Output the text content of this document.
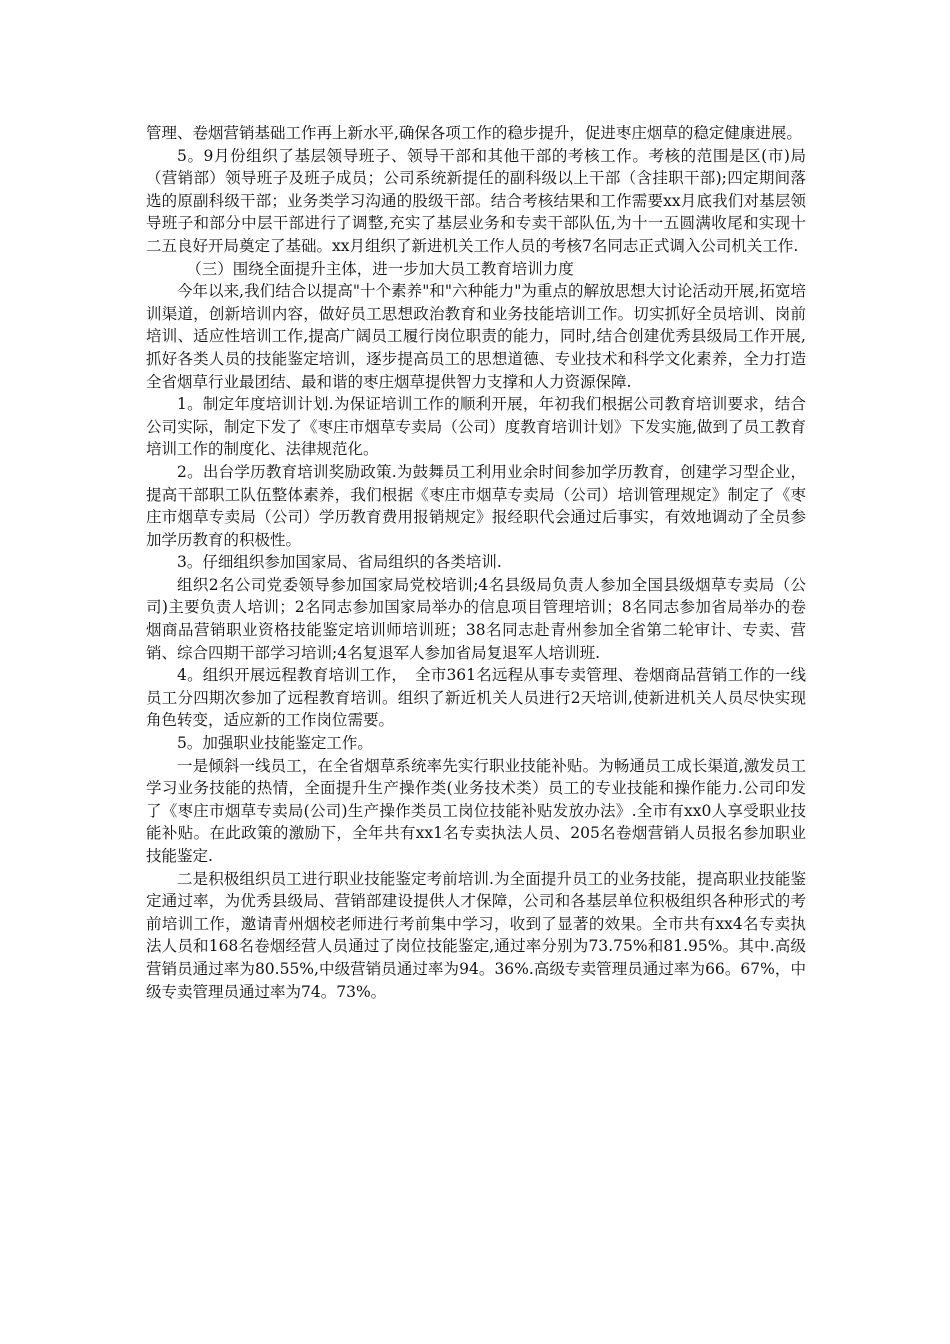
管理、卷烟营销基础工作再上新水平,确保各项工作的稳步提升，促进枣庄烟草的稳定健康进展。

5。9月份组织了基层领导班子、领导干部和其他干部的考核工作。考核的范围是区(市)局（营销部）领导班子及班子成员；公司系统新提任的副科级以上干部（含挂职干部);四定期间落选的原副科级干部；业务类学习沟通的股级干部。结合考核结果和工作需要xx月底我们对基层领导班子和部分中层干部进行了调整,充实了基层业务和专卖干部队伍,为十一五圆满收尾和实现十二五良好开局奠定了基础。xx月组织了新进机关工作人员的考核7名同志正式调入公司机关工作.

（三）围绕全面提升主体，进一步加大员工教育培训力度

今年以来,我们结合以提高"十个素养"和"六种能力"为重点的解放思想大讨论活动开展,拓宽培训渠道，创新培训内容，做好员工思想政治教育和业务技能培训工作。切实抓好全员培训、岗前培训、适应性培训工作,提高广阔员工履行岗位职责的能力，同时,结合创建优秀县级局工作开展,抓好各类人员的技能鉴定培训，逐步提高员工的思想道德、专业技术和科学文化素养，全力打造全省烟草行业最团结、最和谐的枣庄烟草提供智力支撑和人力资源保障.

1。制定年度培训计划.为保证培训工作的顺利开展，年初我们根据公司教育培训要求，结合公司实际，制定下发了《枣庄市烟草专卖局（公司）度教育培训计划》下发实施,做到了员工教育培训工作的制度化、法律规范化。

2。出台学历教育培训奖励政策.为鼓舞员工利用业余时间参加学历教育，创建学习型企业，提高干部职工队伍整体素养，我们根据《枣庄市烟草专卖局（公司）培训管理规定》制定了《枣庄市烟草专卖局（公司）学历教育费用报销规定》报经职代会通过后事实，有效地调动了全员参加学历教育的积极性。

3。仔细组织参加国家局、省局组织的各类培训.

组织2名公司党委领导参加国家局党校培训;4名县级局负责人参加全国县级烟草专卖局（公司)主要负责人培训；2名同志参加国家局举办的信息项目管理培训；8名同志参加省局举办的卷烟商品营销职业资格技能鉴定培训师培训班；38名同志赴青州参加全省第二轮审计、专卖、营销、综合四期干部学习培训;4名复退军人参加省局复退军人培训班.

4。组织开展远程教育培训工作，　全市361名远程从事专卖管理、卷烟商品营销工作的一线员工分四期次参加了远程教育培训。组织了新近机关人员进行2天培训,使新进机关人员尽快实现角色转变，适应新的工作岗位需要。

5。加强职业技能鉴定工作。

一是倾斜一线员工，在全省烟草系统率先实行职业技能补贴。为畅通员工成长渠道,激发员工学习业务技能的热情，全面提升生产操作类(业务技术类）员工的专业技能和操作能力.公司印发了《枣庄市烟草专卖局(公司)生产操作类员工岗位技能补贴发放办法》.全市有xx0人享受职业技能补贴。在此政策的激励下，全年共有xx1名专卖执法人员、205名卷烟营销人员报名参加职业技能鉴定.

二是积极组织员工进行职业技能鉴定考前培训.为全面提升员工的业务技能，提高职业技能鉴定通过率，为优秀县级局、营销部建设提供人才保障，公司和各基层单位积极组织各种形式的考前培训工作，邀请青州烟校老师进行考前集中学习，收到了显著的效果。全市共有xx4名专卖执法人员和168名卷烟经营人员通过了岗位技能鉴定,通过率分别为73.75%和81.95%。其中.高级营销员通过率为80.55%,中级营销员通过率为94。36%.高级专卖管理员通过率为66。67%，中级专卖管理员通过率为74。73%。
